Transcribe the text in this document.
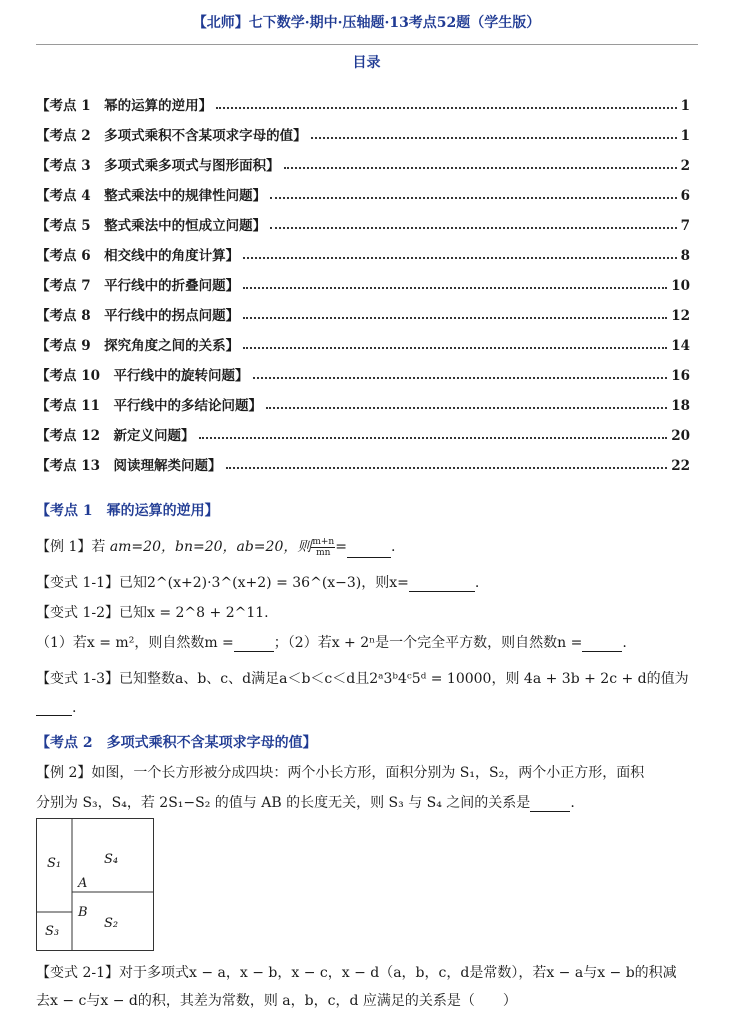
【北师】七下数学·期中·压轴题·13考点52题（学生版）
目录
【考点 1　幂的运算的逆用】	1
【考点 2　多项式乘积不含某项求字母的值】	1
【考点 3　多项式乘多项式与图形面积】	2
【考点 4　整式乘法中的规律性问题】	6
【考点 5　整式乘法中的恒成立问题】	7
【考点 6　相交线中的角度计算】	8
【考点 7　平行线中的折叠问题】	10
【考点 8　平行线中的拐点问题】	12
【考点 9　探究角度之间的关系】	14
【考点 10　平行线中的旋转问题】	16
【考点 11　平行线中的多结论问题】	18
【考点 12　新定义问题】	20
【考点 13　阅读理解类问题】	22
【考点 1　幂的运算的逆用】
【例 1】若 am=20，bn=20，ab=20，则 $\frac{m+n}{mn}$ =	.
【变式 1-1】已知2^(x+2)·3^(x+2) = 36^(x−3)，则x=	.
【变式 1-2】已知x = 2^8 + 2^11.
（1）若x = m²，则自然数m =	；（2）若x + 2ⁿ是一个完全平方数，则自然数n =	.
【变式 1-3】已知整数a、b、c、d满足a＜b＜c＜d且2ᵃ3ᵇ4ᶜ5ᵈ = 10000，则 4a + 3b + 2c + d的值为
.
【考点 2　多项式乘积不含某项求字母的值】
【例 2】如图，一个长方形被分成四块：两个小长方形，面积分别为 S₁，S₂，两个小正方形，面积
分别为 S₃，S₄，若 2S₁−S₂ 的值与 AB 的长度无关，则 S₃ 与 S₄ 之间的关系是	.
S₁	S₄
A
B
S₂
S₃
【变式 2-1】对于多项式x − a，x − b，x − c，x − d（a，b，c，d是常数），若x − a与x − b的积减
去x − c与x − d的积，其差为常数，则 a，b，c，d 应满足的关系是（　　）
